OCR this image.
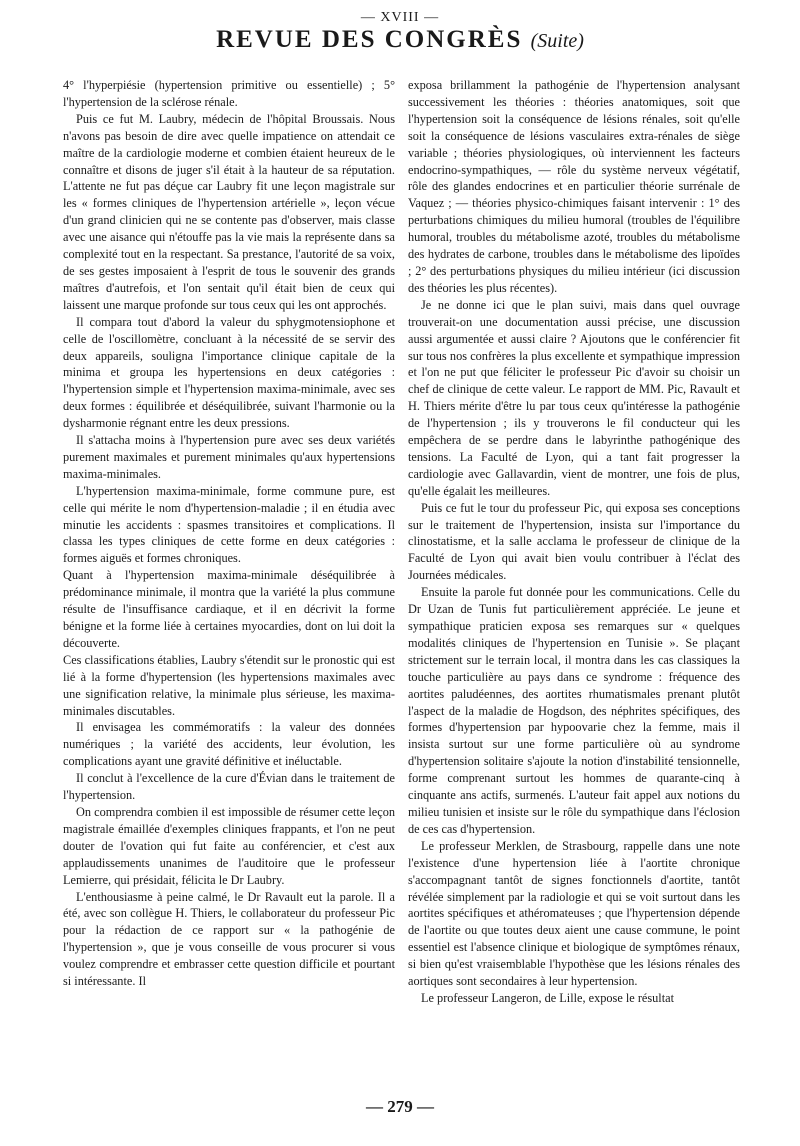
— XVIII —
REVUE DES CONGRÈS (Suite)

4° l'hyperpiésie (hypertension primitive ou essentielle) ; 5° l'hypertension de la sclérose rénale.

Puis ce fut M. Laubry, médecin de l'hôpital Broussais. Nous n'avons pas besoin de dire avec quelle impatience on attendait ce maître de la cardiologie moderne et combien étaient heureux de le connaître et disons de juger s'il était à la hauteur de sa réputation. L'attente ne fut pas déçue car Laubry fit une leçon magistrale sur les « formes cliniques de l'hypertension artérielle », leçon vécue d'un grand clinicien qui ne se contente pas d'observer, mais classe avec une aisance qui n'étouffe pas la vie mais la représente dans sa complexité tout en la respectant. Sa prestance, l'autorité de sa voix, de ses gestes imposaient à l'esprit de tous le souvenir des grands maîtres d'autrefois, et l'on sentait qu'il était bien de ceux qui laissent une marque profonde sur tous ceux qui les ont approchés.

Il compara tout d'abord la valeur du sphygmotensiophone et celle de l'oscillomètre, concluant à la nécessité de se servir des deux appareils, souligna l'importance clinique capitale de la minima et groupa les hypertensions en deux catégories : l'hypertension simple et l'hypertension maxima-minimale, avec ses deux formes : équilibrée et déséquilibrée, suivant l'harmonie ou la dysharmonie régnant entre les deux pressions.

Il s'attacha moins à l'hypertension pure avec ses deux variétés purement maximales et purement minimales qu'aux hypertensions maxima-minimales.

L'hypertension maxima-minimale, forme commune pure, est celle qui mérite le nom d'hypertension-maladie ; il en étudia avec minutie les accidents : spasmes transitoires et complications. Il classa les types cliniques de cette forme en deux catégories : formes aiguës et formes chroniques.

Quant à l'hypertension maxima-minimale déséquilibrée à prédominance minimale, il montra que la variété la plus commune résulte de l'insuffisance cardiaque, et il en décrivit la forme bénigne et la forme liée à certaines myocardies, dont on lui doit la découverte.

Ces classifications établies, Laubry s'étendit sur le pronostic qui est lié à la forme d'hypertension (les hypertensions maximales avec une signification relative, la minimale plus sérieuse, les maxima-minimales discutables.

Il envisagea les commémoratifs : la valeur des données numériques ; la variété des accidents, leur évolution, les complications ayant une gravité définitive et inéluctable.

Il conclut à l'excellence de la cure d'Évian dans le traitement de l'hypertension.

On comprendra combien il est impossible de résumer cette leçon magistrale émaillée d'exemples cliniques frappants, et l'on ne peut douter de l'ovation qui fut faite au conférencier, et c'est aux applaudissements unanimes de l'auditoire que le professeur Lemierre, qui présidait, félicita le Dr Laubry.

L'enthousiasme à peine calmé, le Dr Ravault eut la parole. Il a été, avec son collègue H. Thiers, le collaborateur du professeur Pic pour la rédaction de ce rapport sur « la pathogénie de l'hypertension », que je vous conseille de vous procurer si vous voulez comprendre et embrasser cette question difficile et pourtant si intéressante. Il

exposa brillamment la pathogénie de l'hypertension analysant successivement les théories : théories anatomiques, soit que l'hypertension soit la conséquence de lésions rénales, soit qu'elle soit la conséquence de lésions vasculaires extra-rénales de siège variable ; théories physiologiques, où interviennent les facteurs endocrino-sympathiques, — rôle du système nerveux végétatif, rôle des glandes endocrines et en particulier théorie surrénale de Vaquez ; — théories physico-chimiques faisant intervenir : 1° des perturbations chimiques du milieu humoral (troubles de l'équilibre humoral, troubles du métabolisme azoté, troubles du métabolisme des hydrates de carbone, troubles dans le métabolisme des lipoïdes ; 2° des perturbations physiques du milieu intérieur (ici discussion des théories les plus récentes).

Je ne donne ici que le plan suivi, mais dans quel ouvrage trouverait-on une documentation aussi précise, une discussion aussi argumentée et aussi claire ? Ajoutons que le conférencier fit sur tous nos confrères la plus excellente et sympathique impression et l'on ne put que féliciter le professeur Pic d'avoir su choisir un chef de clinique de cette valeur. Le rapport de MM. Pic, Ravault et H. Thiers mérite d'être lu par tous ceux qu'intéresse la pathogénie de l'hypertension ; ils y trouverons le fil conducteur qui les empêchera de se perdre dans le labyrinthe pathogénique des tensions. La Faculté de Lyon, qui a tant fait progresser la cardiologie avec Gallavardin, vient de montrer, une fois de plus, qu'elle égalait les meilleures.

Puis ce fut le tour du professeur Pic, qui exposa ses conceptions sur le traitement de l'hypertension, insista sur l'importance du clinostatisme, et la salle acclama le professeur de clinique de la Faculté de Lyon qui avait bien voulu contribuer à l'éclat des Journées médicales.

Ensuite la parole fut donnée pour les communications. Celle du Dr Uzan de Tunis fut particulièrement appréciée. Le jeune et sympathique praticien exposa ses remarques sur « quelques modalités cliniques de l'hypertension en Tunisie ». Se plaçant strictement sur le terrain local, il montra dans les cas classiques la touche particulière au pays dans ce syndrome : fréquence des aortites paludéennes, des aortites rhumatismales prenant plutôt l'aspect de la maladie de Hogdson, des néphrites spécifiques, des formes d'hypertension par hypoovarie chez la femme, mais il insista surtout sur une forme particulière où au syndrome d'hypertension solitaire s'ajoute la notion d'instabilité tensionnelle, forme comprenant surtout les hommes de quarante-cinq à cinquante ans actifs, surmenés. L'auteur fait appel aux notions du milieu tunisien et insiste sur le rôle du sympathique dans l'éclosion de ces cas d'hypertension.

Le professeur Merklen, de Strasbourg, rappelle dans une note l'existence d'une hypertension liée à l'aortite chronique s'accompagnant tantôt de signes fonctionnels d'aortite, tantôt révélée simplement par la radiologie et qui se voit surtout dans les aortites spécifiques et athéromateuses ; que l'hypertension dépende de l'aortite ou que toutes deux aient une cause commune, le point essentiel est l'absence clinique et biologique de symptômes rénaux, si bien qu'est vraisemblable l'hypothèse que les lésions rénales des aortiques sont secondaires à leur hypertension.

Le professeur Langeron, de Lille, expose le résultat

— 279 —
